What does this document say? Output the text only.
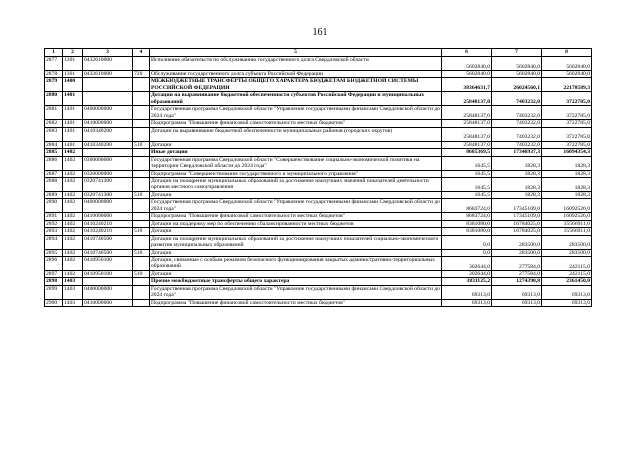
161
1	2	3	4	5	6	7	8
2877	1301	0432610000		Исполнение обязательств по обслуживанию государственного долга Свердловской области	5602840,0	5602840,0	5602840,0
2878	1301	0432610000	720	Обслуживание государственного долга субъекта Российской Федерации	5602840,0	5602840,0	5602840,0
2879	1400			МЕЖБЮДЖЕТНЫЕ ТРАНСФЕРТЫ ОБЩЕГО ХАРАКТЕРА БЮДЖЕТАМ БЮДЖЕТНОЙ СИСТЕМЫ РОССИЙСКОЙ ФЕДЕРАЦИИ	38364631,7	26024560,1	22178589,3
2880	1401			Дотации на выравнивание бюджетной обеспеченности субъектов Российской Федерации и муниципальных образований	25848137,0	7403232,0	3722785,0
2881	1401	0400000000		Государственная программа Свердловской области "Управление государственными финансами Свердловской области до 2024 года"	25848137,0	7403232,0	3722785,0
2882	1401	0410000000		Подпрограмма "Повышение финансовой самостоятельности местных бюджетов"	25848137,0	7403232,0	3722785,0
2883	1401	0410340200		Дотации на выравнивание бюджетной обеспеченности муниципальных районов (городских округов)	25848137,0	7403232,0	3722785,0
2884	1401	0410340200	510	Дотации	25848137,0	7403232,0	3722785,0
2885	1402			Иные дотации	8685369,5	17346937,3	16094354,3
2886	1402	0300000000		Государственная программа Свердловской области "Совершенствование социально-экономической политики на территории Свердловской области до 2024 года"	1645,5	1828,3	1828,3
2887	1402	0320000000		Подпрограмма "Совершенствование государственного и муниципального управления"	1645,5	1828,3	1828,3
2888	1402	0320741300		Дотации на поощрение муниципальных образований за достижение наилучших значений показателей деятельности органов местного самоуправления	1645,5	1828,3	1828,3
2889	1402	0320741300	510	Дотации	1645,5	1828,3	1828,3
2890	1402	0400000000		Государственная программа Свердловской области "Управление государственными финансами Свердловской области до 2024 года"	8683724,0	17345109,0	16092526,0
2891	1402	0410000000		Подпрограмма "Повышение финансовой самостоятельности местных бюджетов"	8683724,0	17345109,0	16092526,0
2892	1402	0410240210		Дотации на поддержку мер по обеспечению сбалансированности местных бюджетов	8381080,0	16784025,0	15566911,0
2893	1402	0410240210	510	Дотации	8381080,0	16784025,0	15566911,0
2894	1402	0410740500		Дотации на поощрение муниципальных образований за достижение наилучших показателей социально-экономического развития муниципальных образований	0,0	283500,0	283500,0
2895	1402	0410740500	510	Дотации	0,0	283500,0	283500,0
2896	1402	0410950100		Дотации, связанные с особым режимом безопасного функционирования закрытых административно-территориальных образований	302644,0	277584,0	242115,0
2897	1402	0410950100	510	Дотации	302644,0	277584,0	242115,0
2898	1403			Прочие межбюджетные трансферты общего характера	3831125,2	1274390,8	2361450,0
2899	1403	0400000000		Государственная программа Свердловской области "Управление государственными финансами Свердловской области до 2024 года"	69313,0	69313,0	69313,0
2900	1403	0410000000		Подпрограмма "Повышение финансовой самостоятельности местных бюджетов"	69313,0	69313,0	69313,0
